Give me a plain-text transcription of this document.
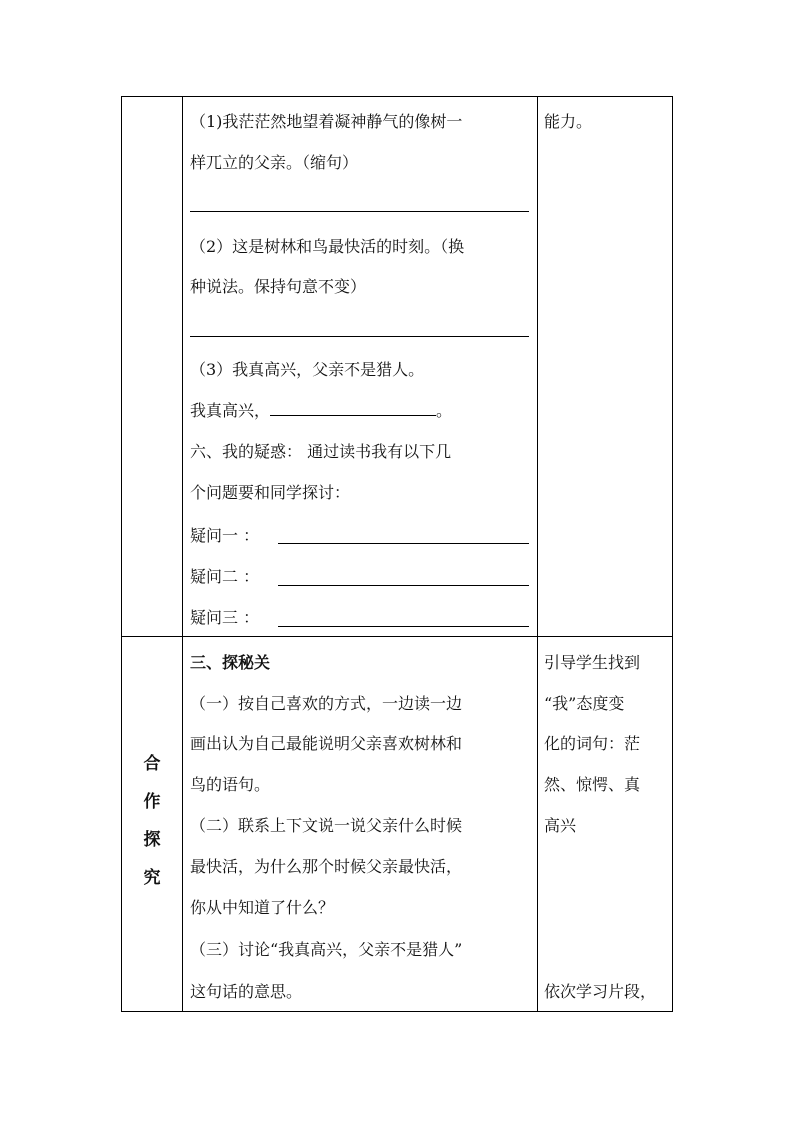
（1)我茫茫然地望着凝神静气的像树一
样兀立的父亲。（缩句）
（2）这是树林和鸟最快活的时刻。（换
种说法。保持句意不变）
（3）我真高兴，父亲不是猎人。
我真高兴，	。
六、我的疑惑： 通过读书我有以下几
个问题要和同学探讨：
疑问一 ：
疑问二 ：
疑问三 ：
能力。
合
作
探
究
三、探秘关
（一）按自己喜欢的方式，一边读一边
画出认为自己最能说明父亲喜欢树林和
鸟的语句。
（二）联系上下文说一说父亲什么时候
最快活，为什么那个时候父亲最快活，
你从中知道了什么？
（三）讨论“我真高兴，父亲不是猎人”
这句话的意思。
引导学生找到
“我”态度变
化的词句：茫
然、惊愕、真
高兴
依次学习片段，
